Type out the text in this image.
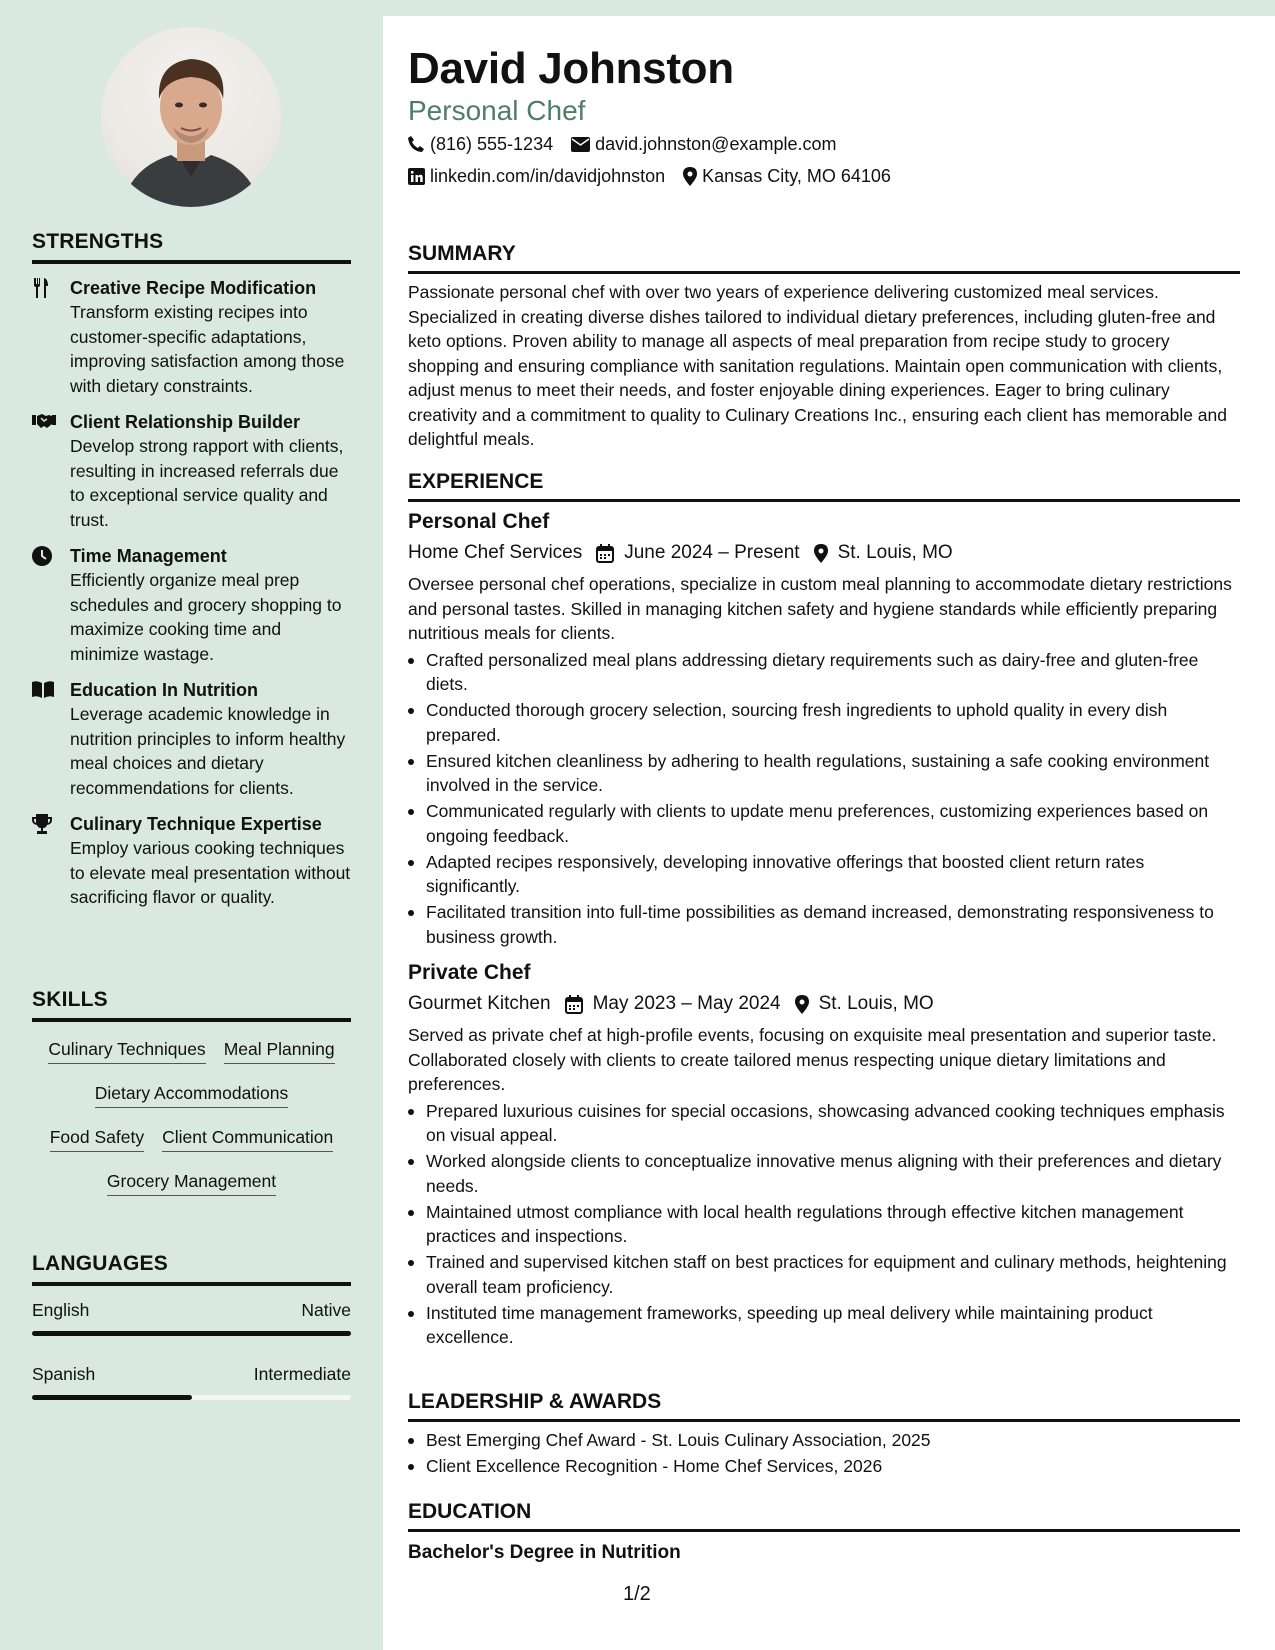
STRENGTHS
Creative Recipe Modification
Transform existing recipes into customer-specific adaptations, improving satisfaction among those with dietary constraints.
Client Relationship Builder
Develop strong rapport with clients, resulting in increased referrals due to exceptional service quality and trust.
Time Management
Efficiently organize meal prep schedules and grocery shopping to maximize cooking time and minimize wastage.
Education In Nutrition
Leverage academic knowledge in nutrition principles to inform healthy meal choices and dietary recommendations for clients.
Culinary Technique Expertise
Employ various cooking techniques to elevate meal presentation without sacrificing flavor or quality.
SKILLS
Culinary Techniques Meal Planning
Dietary Accommodations
Food Safety Client Communication
Grocery Management
LANGUAGES
English	Native
Spanish	Intermediate
David Johnston
Personal Chef
(816) 555-1234 david.johnston@example.com
linkedin.com/in/davidjohnston Kansas City, MO 64106
SUMMARY
Passionate personal chef with over two years of experience delivering customized meal services. Specialized in creating diverse dishes tailored to individual dietary preferences, including gluten-free and keto options. Proven ability to manage all aspects of meal preparation from recipe study to grocery shopping and ensuring compliance with sanitation regulations. Maintain open communication with clients, adjust menus to meet their needs, and foster enjoyable dining experiences. Eager to bring culinary creativity and a commitment to quality to Culinary Creations Inc., ensuring each client has memorable and delightful meals.
EXPERIENCE
Personal Chef
Home Chef Services June 2024 – Present St. Louis, MO
Oversee personal chef operations, specialize in custom meal planning to accommodate dietary restrictions and personal tastes. Skilled in managing kitchen safety and hygiene standards while efficiently preparing nutritious meals for clients.
Crafted personalized meal plans addressing dietary requirements such as dairy-free and gluten-free diets.
Conducted thorough grocery selection, sourcing fresh ingredients to uphold quality in every dish prepared.
Ensured kitchen cleanliness by adhering to health regulations, sustaining a safe cooking environment involved in the service.
Communicated regularly with clients to update menu preferences, customizing experiences based on ongoing feedback.
Adapted recipes responsively, developing innovative offerings that boosted client return rates significantly.
Facilitated transition into full-time possibilities as demand increased, demonstrating responsiveness to business growth.
Private Chef
Gourmet Kitchen May 2023 – May 2024 St. Louis, MO
Served as private chef at high-profile events, focusing on exquisite meal presentation and superior taste. Collaborated closely with clients to create tailored menus respecting unique dietary limitations and preferences.
Prepared luxurious cuisines for special occasions, showcasing advanced cooking techniques emphasis on visual appeal.
Worked alongside clients to conceptualize innovative menus aligning with their preferences and dietary needs.
Maintained utmost compliance with local health regulations through effective kitchen management practices and inspections.
Trained and supervised kitchen staff on best practices for equipment and culinary methods, heightening overall team proficiency.
Instituted time management frameworks, speeding up meal delivery while maintaining product excellence.
LEADERSHIP & AWARDS
Best Emerging Chef Award - St. Louis Culinary Association, 2025
Client Excellence Recognition - Home Chef Services, 2026
EDUCATION
Bachelor's Degree in Nutrition
1/2
